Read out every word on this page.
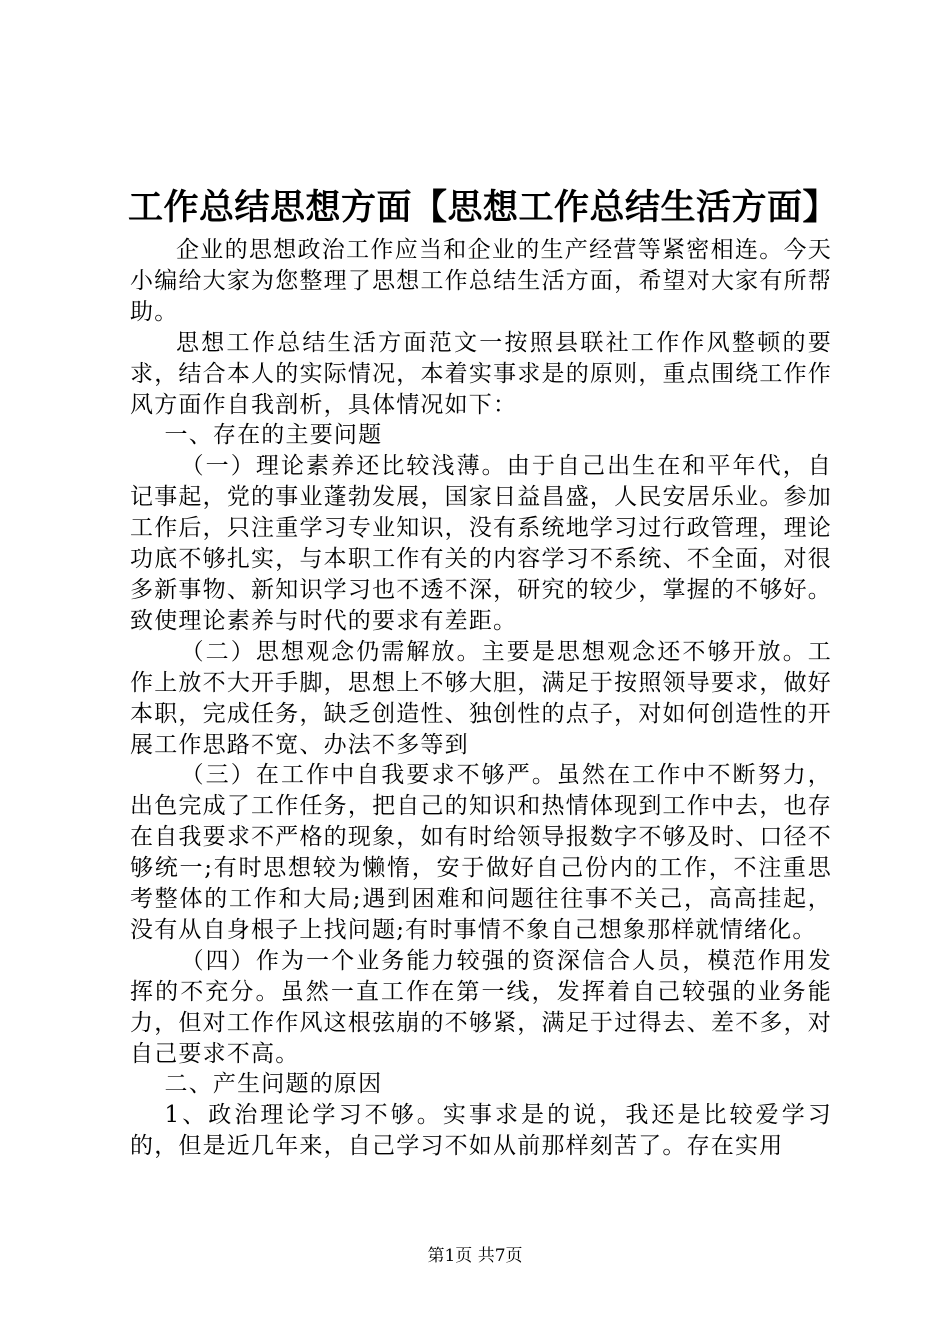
工作总结思想方面【思想工作总结生活方面】

企业的思想政治工作应当和企业的生产经营等紧密相连。今天小编给大家为您整理了思想工作总结生活方面，希望对大家有所帮助。

思想工作总结生活方面范文一按照县联社工作作风整顿的要求，结合本人的实际情况，本着实事求是的原则，重点围绕工作作风方面作自我剖析，具体情况如下：

一、存在的主要问题

（一）理论素养还比较浅薄。由于自己出生在和平年代，自记事起，党的事业蓬勃发展，国家日益昌盛，人民安居乐业。参加工作后，只注重学习专业知识，没有系统地学习过行政管理，理论功底不够扎实，与本职工作有关的内容学习不系统、不全面，对很多新事物、新知识学习也不透不深，研究的较少，掌握的不够好。致使理论素养与时代的要求有差距。

（二）思想观念仍需解放。主要是思想观念还不够开放。工作上放不大开手脚，思想上不够大胆，满足于按照领导要求，做好本职，完成任务，缺乏创造性、独创性的点子，对如何创造性的开展工作思路不宽、办法不多等到

（三）在工作中自我要求不够严。虽然在工作中不断努力，出色完成了工作任务，把自己的知识和热情体现到工作中去，也存在自我要求不严格的现象，如有时给领导报数字不够及时、口径不够统一;有时思想较为懒惰，安于做好自己份内的工作，不注重思考整体的工作和大局;遇到困难和问题往往事不关己，高高挂起，没有从自身根子上找问题;有时事情不象自己想象那样就情绪化。

（四）作为一个业务能力较强的资深信合人员，模范作用发挥的不充分。虽然一直工作在第一线，发挥着自己较强的业务能力，但对工作作风这根弦崩的不够紧，满足于过得去、差不多，对自己要求不高。

二、产生问题的原因

1、政治理论学习不够。实事求是的说，我还是比较爱学习的，但是近几年来，自己学习不如从前那样刻苦了。存在实用

第1页 共7页
